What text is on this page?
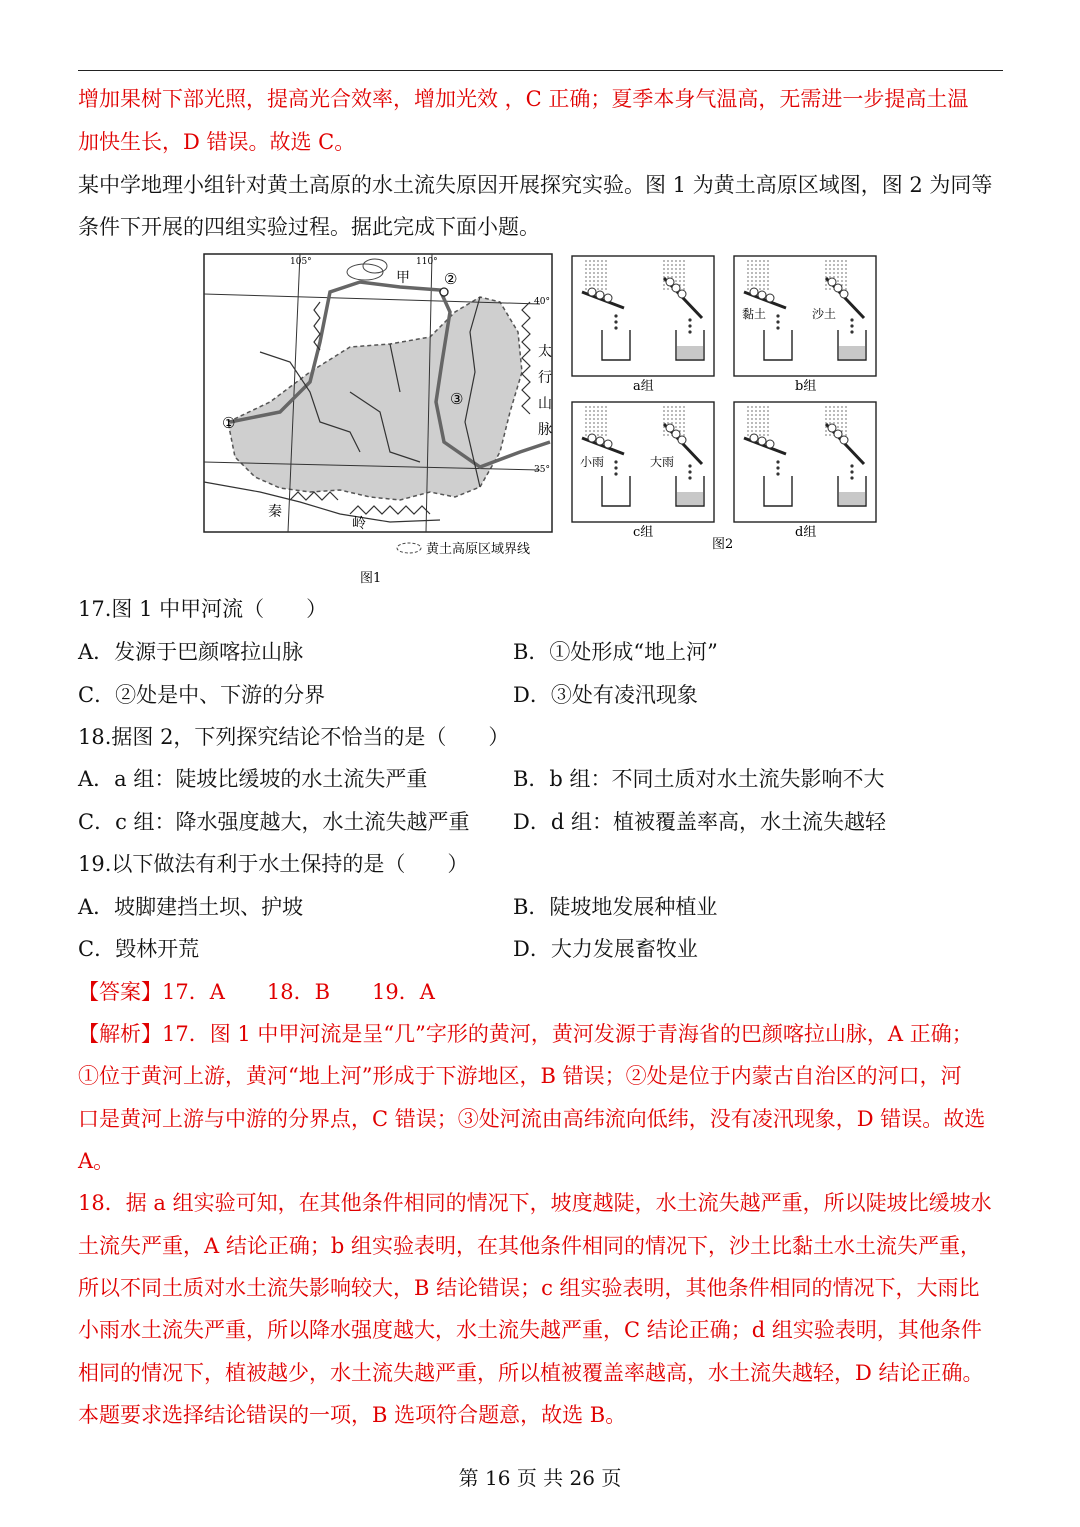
增加果树下部光照，提高光合效率，增加光效 ，C 正确；夏季本身气温高，无需进一步提高土温
加快生长，D 错误。故选 C。
某中学地理小组针对黄土高原的水土流失原因开展探究实验。图 1 为黄土高原区域图，图 2 为同等
条件下开展的四组实验过程。据此完成下面小题。
105°	110°
40°
35°
甲 ②
①
③
太
行
山
脉
秦
岭
黄土高原区域界线
图1
a组	b组
黏土	沙土
c组
小雨	大雨
d组
图2
17.图 1 中甲河流（　　）
A．发源于巴颜喀拉山脉	B．①处形成“地上河”
C．②处是中、下游的分界	D．③处有凌汛现象
18.据图 2，下列探究结论不恰当的是（　　）
A．a 组：陡坡比缓坡的水土流失严重	B．b 组：不同土质对水土流失影响不大
C．c 组：降水强度越大，水土流失越严重 D．d 组：植被覆盖率高，水土流失越轻
19.以下做法有利于水土保持的是（　　）
A．坡脚建挡土坝、护坡	B．陡坡地发展种植业
C．毁林开荒	D．大力发展畜牧业
【答案】17．A　　18．B　　19．A
【解析】17．图 1 中甲河流是呈“几”字形的黄河，黄河发源于青海省的巴颜喀拉山脉，A 正确；
①位于黄河上游，黄河“地上河”形成于下游地区，B 错误；②处是位于内蒙古自治区的河口，河
口是黄河上游与中游的分界点，C 错误；③处河流由高纬流向低纬，没有凌汛现象，D 错误。故选
A。
18．据 a 组实验可知，在其他条件相同的情况下，坡度越陡，水土流失越严重，所以陡坡比缓坡水
土流失严重，A 结论正确；b 组实验表明，在其他条件相同的情况下，沙土比黏土水土流失严重，
所以不同土质对水土流失影响较大，B 结论错误；c 组实验表明，其他条件相同的情况下，大雨比
小雨水土流失严重，所以降水强度越大，水土流失越严重，C 结论正确；d 组实验表明，其他条件
相同的情况下，植被越少，水土流失越严重，所以植被覆盖率越高，水土流失越轻，D 结论正确。
本题要求选择结论错误的一项，B 选项符合题意，故选 B。
第 16 页 共 26 页
